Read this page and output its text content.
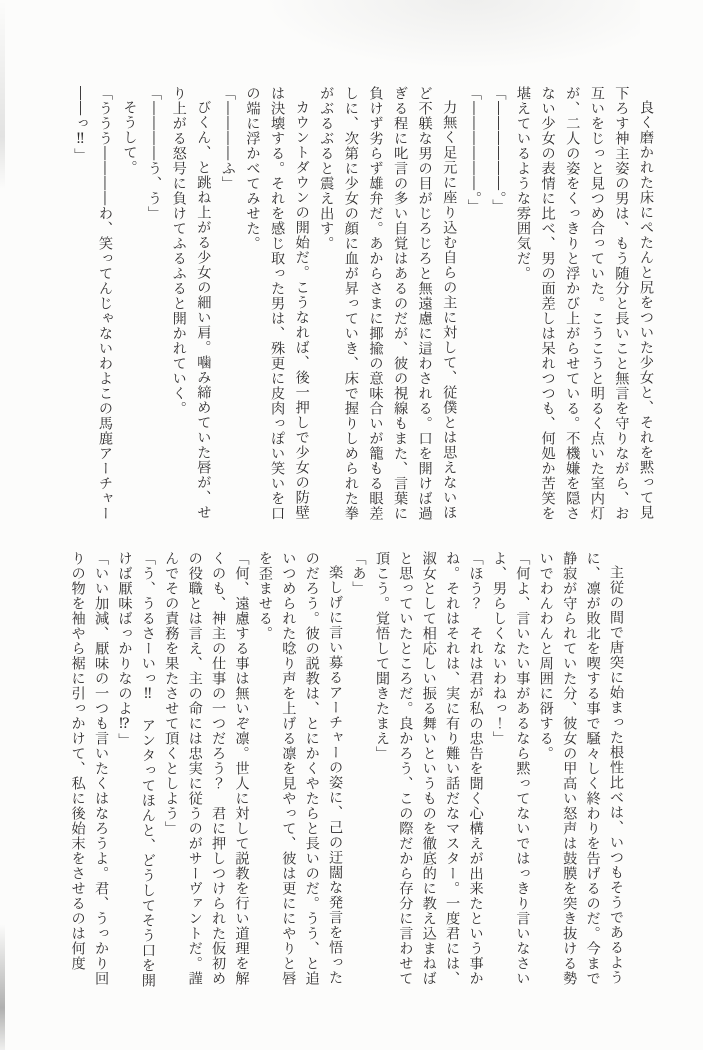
良く磨かれた床にぺたんと尻をついた少女と、それを黙って見下ろす神主姿の男は、もう随分と長いこと無言を守りながら、お互いをじっと見つめ合っていた。こうこうと明るく点いた室内灯が、二人の姿をくっきりと浮かび上がらせている。不機嫌を隠さない少女の表情に比べ、男の面差しは呆れつつも、何処か苦笑を堪えているような雰囲気だ。

「――――――。」

「――――――。」

力無く足元に座り込む自らの主に対して、従僕とは思えないほど不躾な男の目がじろじろと無遠慮に這わされる。口を開けば過ぎる程に叱言の多い自覚はあるのだが、彼の視線もまた、言葉に負けず劣らず雄弁だ。あからさまに揶揄の意味合いが籠もる眼差しに、次第に少女の顔に血が昇っていき、床で握りしめられた拳がぶるぶると震え出す。

カウントダウンの開始だ。こうなれば、後一押しで少女の防壁は決壊する。それを感じ取った男は、殊更に皮肉っぽい笑いを口の端に浮かべてみせた。

「――――ふ」

びくん、と跳ね上がる少女の細い肩。噛み締めていた唇が、せり上がる怒号に負けてふるふると開かれていく。

「――――う、う」

そうして。

「ううう――――わ、笑ってんじゃないわよこの馬鹿アーチャー――っ‼」

主従の間で唐突に始まった根性比べは、いつもそうであるように、凛が敗北を喫する事で騒々しく終わりを告げるのだ。今まで静寂が守られていた分、彼女の甲高い怒声は鼓膜を突き抜ける勢いでわんわんと周囲に谺する。

「何よ、言いたい事があるなら黙ってないではっきり言いなさいよ、男らしくないわねっ！」

「ほう？　それは君が私の忠告を聞く心構えが出来たという事かね。それはそれは、実に有り難い話だなマスター。一度君には、淑女として相応しい振る舞いというものを徹底的に教え込まねばと思っていたところだ。良かろう、この際だから存分に言わせて頂こう。覚悟して聞きたまえ」

「あ」

楽しげに言い募るアーチャーの姿に、己の迂闊な発言を悟ったのだろう。彼の説教は、とにかくやたらと長いのだ。うう、と追いつめられた唸り声を上げる凛を見やって、彼は更ににやりと唇を歪ませる。

「何、遠慮する事は無いぞ凛。世人に対して説教を行い道理を解くのも、神主の仕事の一つだろう？　君に押しつけられた仮初めの役職とは言え、主の命には忠実に従うのがサーヴァントだ。謹んでその責務を果たさせて頂くとしよう」

「う、うるさーいっ‼　アンタってほんと、どうしてそう口を開けば厭味ばっかりなのよ⁉」

「いい加減、厭味の一つも言いたくはなろうよ。君、うっかり回りの物を袖やら裾に引っかけて、私に後始末をさせるのは何度
